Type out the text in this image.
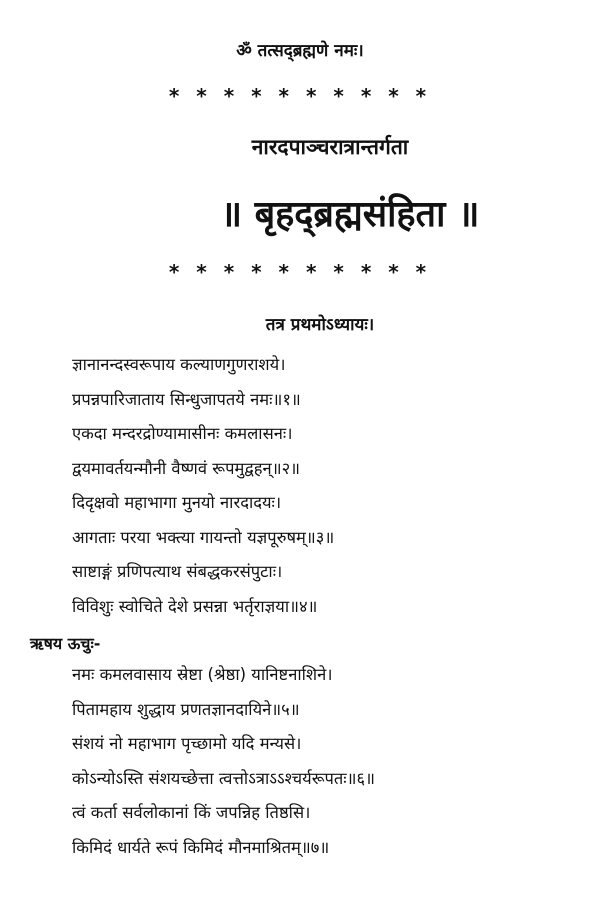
ॐ तत्सद्ब्रह्मणे नमः।
* * * * * * * * * *
नारदपाञ्चरात्रान्तर्गता
॥ बृहद्ब्रह्मसंहिता ॥
* * * * * * * * * *
तत्र प्रथमोऽध्यायः।
ज्ञानानन्दस्वरूपाय कल्याणगुणराशये।
प्रपन्नपारिजाताय सिन्धुजापतये नमः॥१॥
एकदा मन्दरद्रोण्यामासीनः कमलासनः।
द्वयमावर्तयन्मौनी वैष्णवं रूपमुद्वहन्॥२॥
दिदृक्षवो महाभागा मुनयो नारदादयः।
आगताः परया भक्त्या गायन्तो यज्ञपूरुषम्॥३॥
साष्टाङ्गं प्रणिपत्याथ संबद्धकरसंपुटाः।
विविशुः स्वोचिते देशे प्रसन्ना भर्तृराज्ञया॥४॥
ऋषय ऊचुः-
नमः कमलवासाय स्रेष्टा (श्रेष्ठा) यानिष्टनाशिने।
पितामहाय शुद्धाय प्रणतज्ञानदायिने॥५॥
संशयं नो महाभाग पृच्छामो यदि मन्यसे।
कोऽन्योऽस्ति संशयच्छेत्ता त्वत्तोऽत्राऽऽश्चर्यरूपतः॥६॥
त्वं कर्ता सर्वलोकानां किं जपन्निह तिष्ठसि।
किमिदं धार्यते रूपं किमिदं मौनमाश्रितम्॥७॥
